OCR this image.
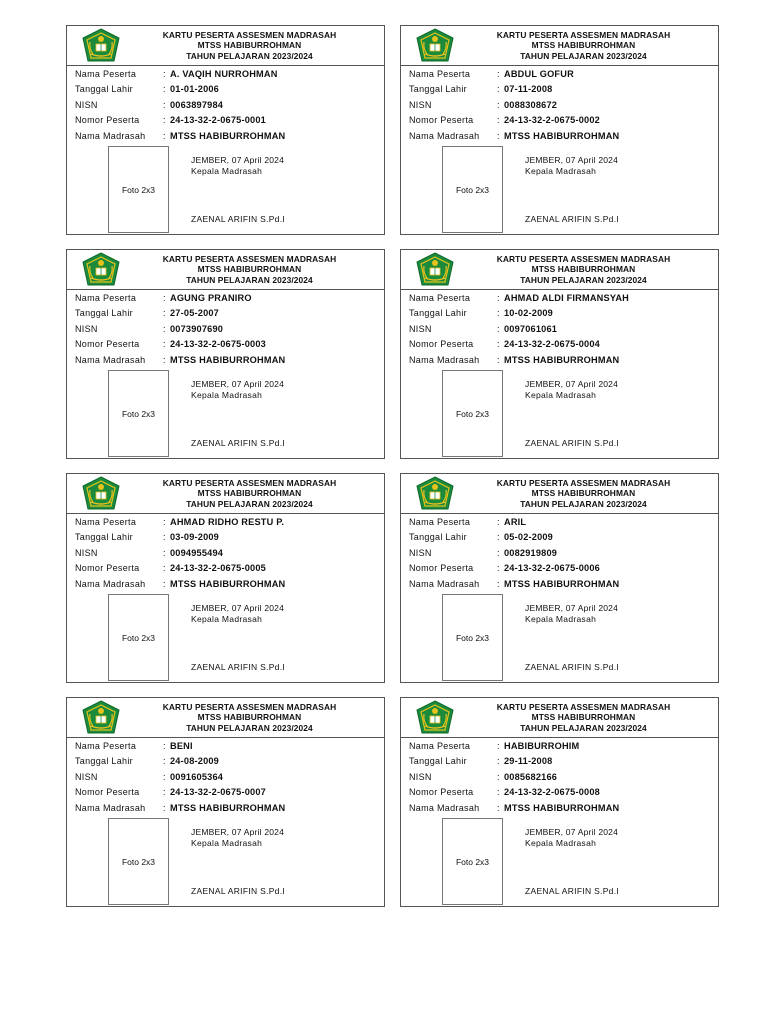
KARTU PESERTA ASSESMEN MADRASAH
MTSS HABIBURROHMAN
TAHUN PELAJARAN 2023/2024
Nama Peserta	: A. VAQIH NURROHMAN
Tanggal Lahir	: 01-01-2006
NISN	: 0063897984
Nomor Peserta	: 24-13-32-2-0675-0001
Nama Madrasah : MTSS HABIBURROHMAN
Foto 2x3
JEMBER, 07 April 2024
Kepala Madrasah
ZAENAL ARIFIN S.Pd.I
KARTU PESERTA ASSESMEN MADRASAH
MTSS HABIBURROHMAN
TAHUN PELAJARAN 2023/2024
Nama Peserta	: ABDUL GOFUR
Tanggal Lahir	: 07-11-2008
NISN	: 0088308672
Nomor Peserta	: 24-13-32-2-0675-0002
Nama Madrasah : MTSS HABIBURROHMAN
Foto 2x3
JEMBER, 07 April 2024
Kepala Madrasah
ZAENAL ARIFIN S.Pd.I
KARTU PESERTA ASSESMEN MADRASAH
MTSS HABIBURROHMAN
TAHUN PELAJARAN 2023/2024
Nama Peserta	: AGUNG PRANIRO
Tanggal Lahir	: 27-05-2007
NISN	: 0073907690
Nomor Peserta	: 24-13-32-2-0675-0003
Nama Madrasah : MTSS HABIBURROHMAN
Foto 2x3
JEMBER, 07 April 2024
Kepala Madrasah
ZAENAL ARIFIN S.Pd.I
KARTU PESERTA ASSESMEN MADRASAH
MTSS HABIBURROHMAN
TAHUN PELAJARAN 2023/2024
Nama Peserta	: AHMAD ALDI FIRMANSYAH
Tanggal Lahir	: 10-02-2009
NISN	: 0097061061
Nomor Peserta	: 24-13-32-2-0675-0004
Nama Madrasah : MTSS HABIBURROHMAN
Foto 2x3
JEMBER, 07 April 2024
Kepala Madrasah
ZAENAL ARIFIN S.Pd.I
KARTU PESERTA ASSESMEN MADRASAH
MTSS HABIBURROHMAN
TAHUN PELAJARAN 2023/2024
Nama Peserta	: AHMAD RIDHO RESTU P.
Tanggal Lahir	: 03-09-2009
NISN	: 0094955494
Nomor Peserta	: 24-13-32-2-0675-0005
Nama Madrasah : MTSS HABIBURROHMAN
Foto 2x3
JEMBER, 07 April 2024
Kepala Madrasah
ZAENAL ARIFIN S.Pd.I
KARTU PESERTA ASSESMEN MADRASAH
MTSS HABIBURROHMAN
TAHUN PELAJARAN 2023/2024
Nama Peserta	: ARIL
Tanggal Lahir	: 05-02-2009
NISN	: 0082919809
Nomor Peserta	: 24-13-32-2-0675-0006
Nama Madrasah : MTSS HABIBURROHMAN
Foto 2x3
JEMBER, 07 April 2024
Kepala Madrasah
ZAENAL ARIFIN S.Pd.I
KARTU PESERTA ASSESMEN MADRASAH
MTSS HABIBURROHMAN
TAHUN PELAJARAN 2023/2024
Nama Peserta	: BENI
Tanggal Lahir	: 24-08-2009
NISN	: 0091605364
Nomor Peserta	: 24-13-32-2-0675-0007
Nama Madrasah : MTSS HABIBURROHMAN
Foto 2x3
JEMBER, 07 April 2024
Kepala Madrasah
ZAENAL ARIFIN S.Pd.I
KARTU PESERTA ASSESMEN MADRASAH
MTSS HABIBURROHMAN
TAHUN PELAJARAN 2023/2024
Nama Peserta	: HABIBURROHIM
Tanggal Lahir	: 29-11-2008
NISN	: 0085682166
Nomor Peserta	: 24-13-32-2-0675-0008
Nama Madrasah : MTSS HABIBURROHMAN
Foto 2x3
JEMBER, 07 April 2024
Kepala Madrasah
ZAENAL ARIFIN S.Pd.I
